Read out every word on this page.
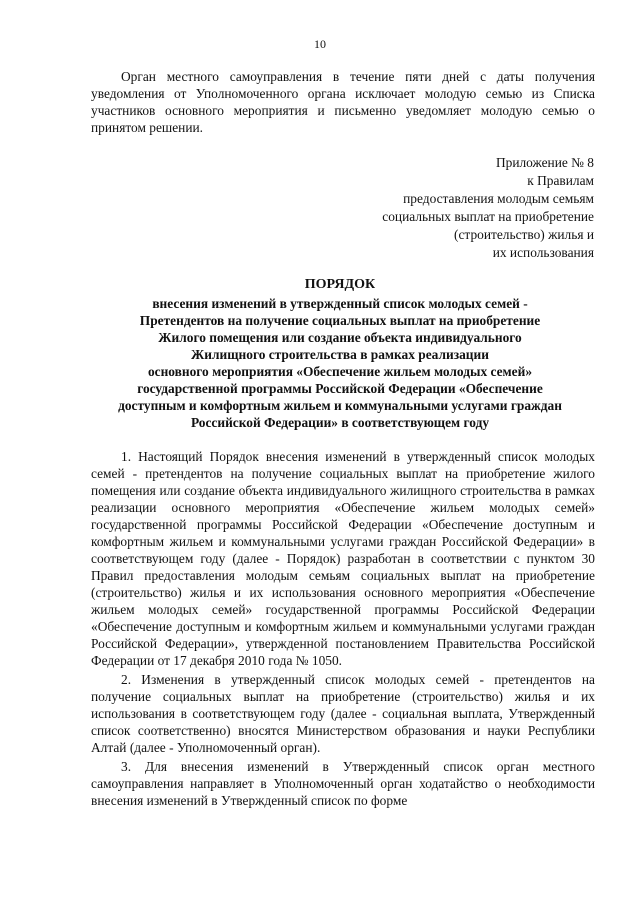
10

Орган местного самоуправления в течение пяти дней с даты получения уведомления от Уполномоченного органа исключает молодую семью из Списка участников основного мероприятия и письменно уведомляет молодую семью о принятом решении.

Приложение № 8
к Правилам
предоставления молодым семьям
социальных выплат на приобретение
(строительство) жилья и
их использования
ПОРЯДОК
внесения изменений в утвержденный список молодых семей -
Претендентов на получение социальных выплат на приобретение
Жилого помещения или создание объекта индивидуального
Жилищного строительства в рамках реализации
основного мероприятия «Обеспечение жильем молодых семей»
государственной программы Российской Федерации «Обеспечение
доступным и комфортным жильем и коммунальными услугами граждан
Российской Федерации» в соответствующем году

1. Настоящий Порядок внесения изменений в утвержденный список молодых семей - претендентов на получение социальных выплат на приобретение жилого помещения или создание объекта индивидуального жилищного строительства в рамках реализации основного мероприятия «Обеспечение жильем молодых семей» государственной программы Российской Федерации «Обеспечение доступным и комфортным жильем и коммунальными услугами граждан Российской Федерации» в соответствующем году (далее - Порядок) разработан в соответствии с пунктом 30 Правил предоставления молодым семьям социальных выплат на приобретение (строительство) жилья и их использования основного мероприятия «Обеспечение жильем молодых семей» государственной программы Российской Федерации «Обеспечение доступным и комфортным жильем и коммунальными услугами граждан Российской Федерации», утвержденной постановлением Правительства Российской Федерации от 17 декабря 2010 года № 1050.

2. Изменения в утвержденный список молодых семей - претендентов на получение социальных выплат на приобретение (строительство) жилья и их использования в соответствующем году (далее - социальная выплата, Утвержденный список соответственно) вносятся Министерством образования и науки Республики Алтай (далее - Уполномоченный орган).

3. Для внесения изменений в Утвержденный список орган местного самоуправления направляет в Уполномоченный орган ходатайство о необходимости внесения изменений в Утвержденный список по форме
